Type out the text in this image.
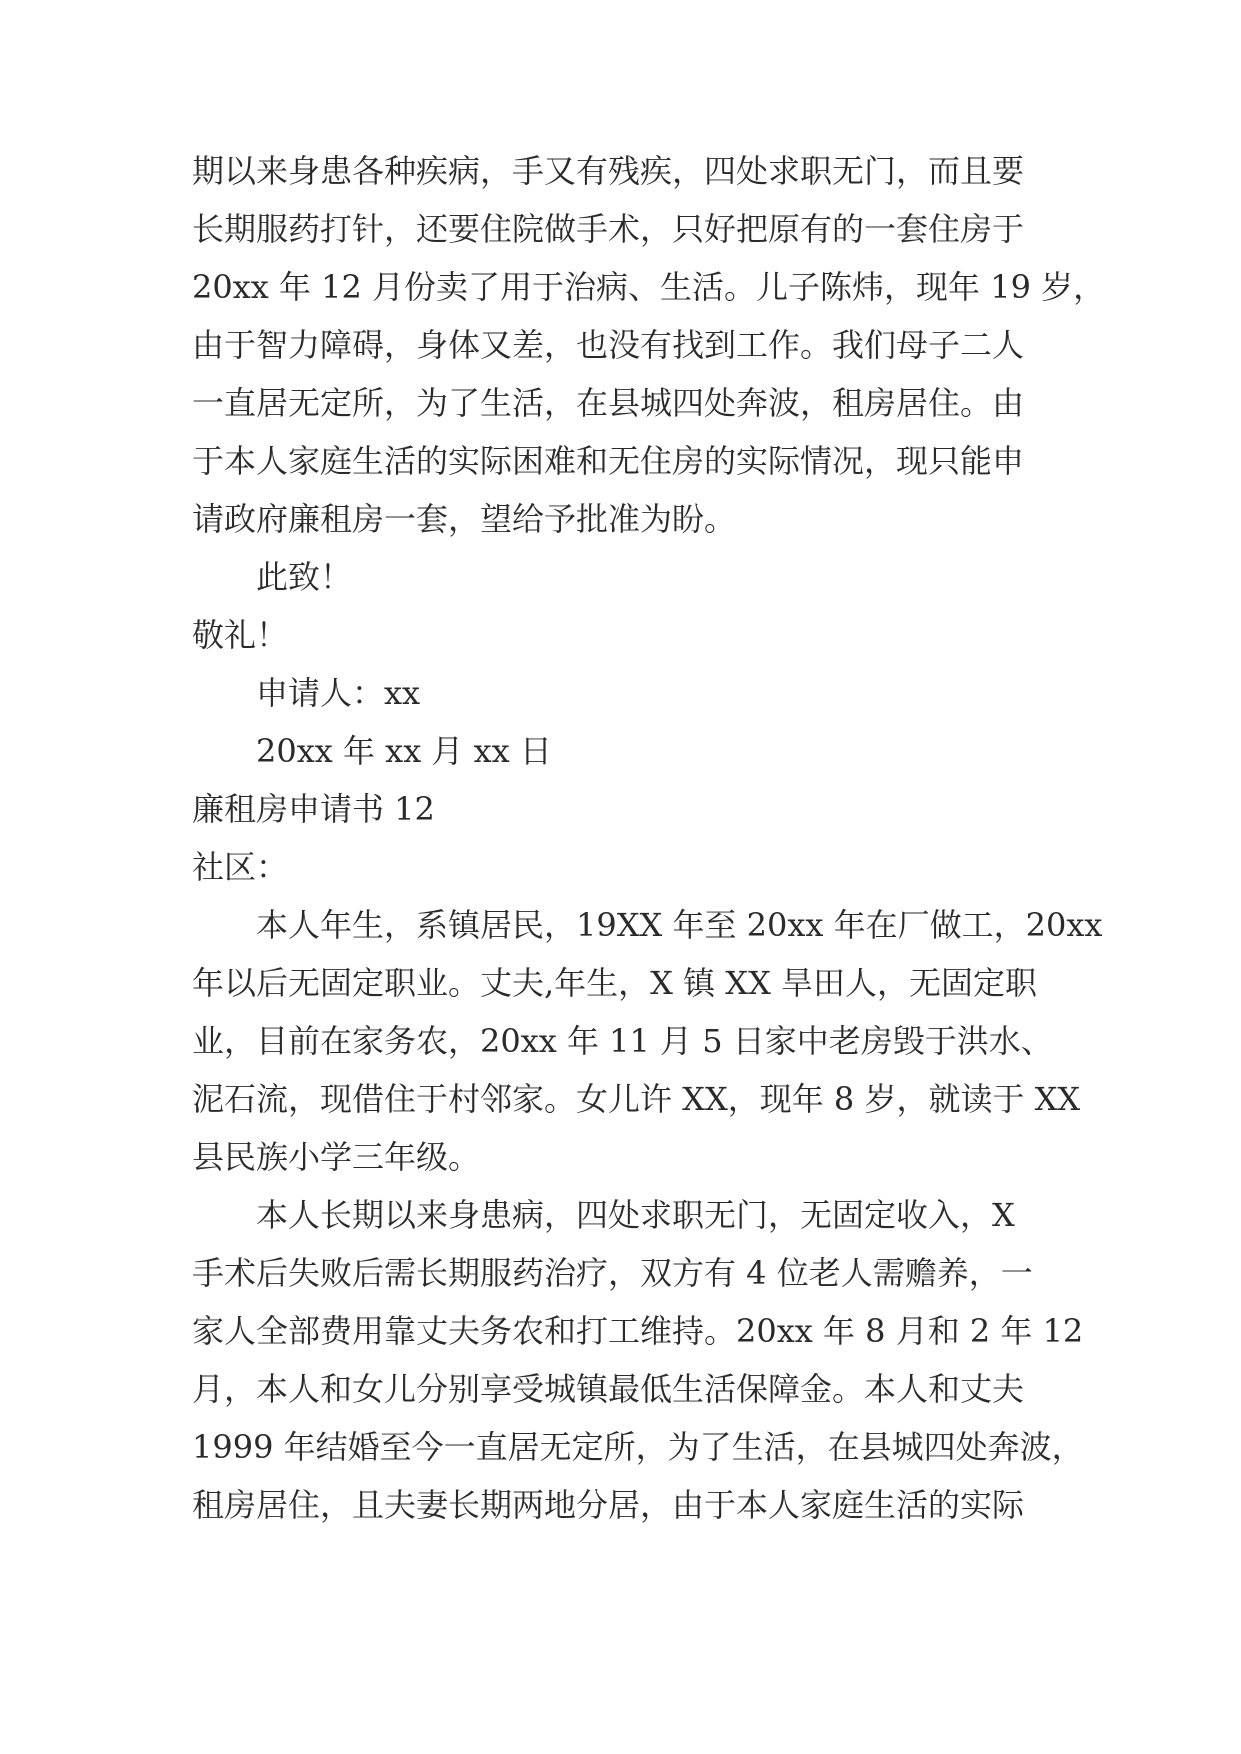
期以来身患各种疾病，手又有残疾，四处求职无门，而且要
长期服药打针，还要住院做手术，只好把原有的一套住房于
20xx 年 12 月份卖了用于治病、生活。儿子陈炜，现年 19 岁，
由于智力障碍，身体又差，也没有找到工作。我们母子二人
一直居无定所，为了生活，在县城四处奔波，租房居住。由
于本人家庭生活的实际困难和无住房的实际情况，现只能申
请政府廉租房一套，望给予批准为盼。
此致！
敬礼！
申请人：xx
20xx 年 xx 月 xx 日
廉租房申请书 12
社区：
本人年生，系镇居民，19XX 年至 20xx 年在厂做工，20xx
年以后无固定职业。丈夫,年生，X 镇 XX 旱田人，无固定职
业，目前在家务农，20xx 年 11 月 5 日家中老房毁于洪水、
泥石流，现借住于村邻家。女儿许 XX，现年 8 岁，就读于 XX
县民族小学三年级。
本人长期以来身患病，四处求职无门，无固定收入，X
手术后失败后需长期服药治疗，双方有 4 位老人需赡养，一
家人全部费用靠丈夫务农和打工维持。20xx 年 8 月和 2 年 12
月，本人和女儿分别享受城镇最低生活保障金。本人和丈夫
1999 年结婚至今一直居无定所，为了生活，在县城四处奔波，
租房居住，且夫妻长期两地分居，由于本人家庭生活的实际
